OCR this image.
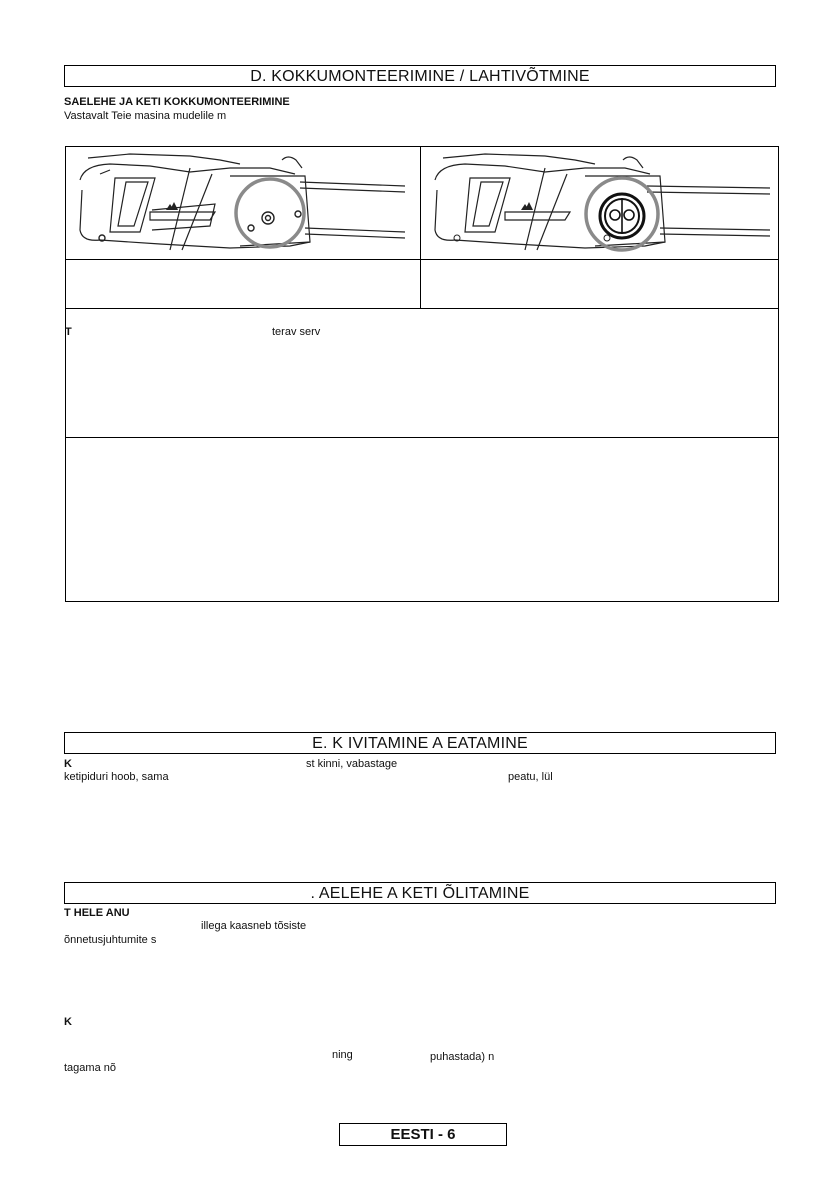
D. KOKKUMONTEERIMINE / LAHTIVÕTMINE
SAELEHE JA KETI KOKKUMONTEERIMINE
Vastavalt Teie masina mudelile m
T	terav serv
E. K IVITAMINE A EATAMINE
K	st kinni, vabastage
ketipiduri hoob, sama	peatu, lül
. AELEHE A KETI ÕLITAMINE
T HELE ANU
illega kaasneb tõsiste
õnnetusjuhtumite s
K
ning	puhastada) n
tagama nõ
EESTI - 6
